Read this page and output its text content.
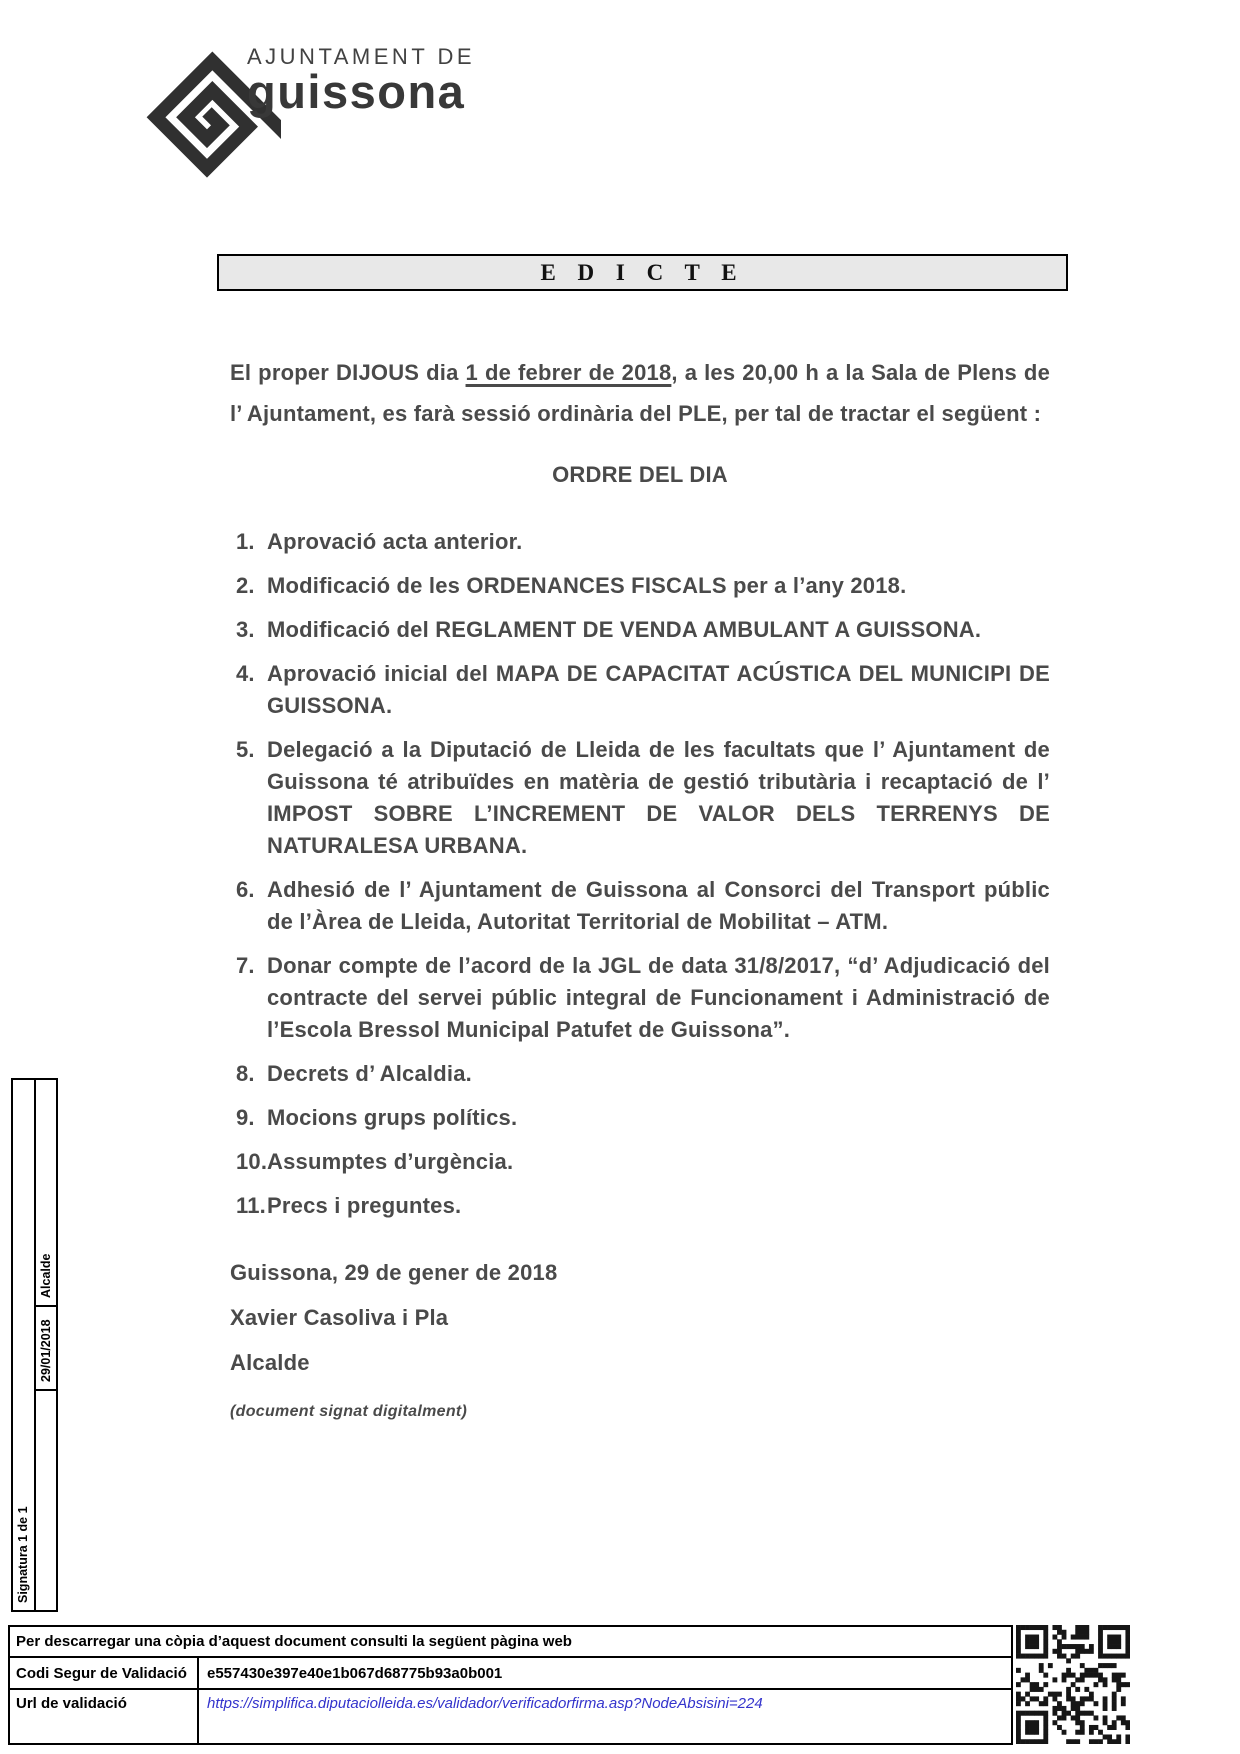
AJUNTAMENT DE
guissona
E D I C T E

El proper DIJOUS dia 1 de febrer de 2018, a les 20,00 h a la Sala de Plens de l’ Ajuntament, es farà sessió ordinària del PLE, per tal de tractar el següent :

ORDRE DEL DIA
1. Aprovació acta anterior.
2. Modificació de les ORDENANCES FISCALS per a l’any 2018.
3. Modificació del REGLAMENT DE VENDA AMBULANT A GUISSONA.
4. Aprovació inicial del MAPA DE CAPACITAT ACÚSTICA DEL MUNICIPI DE GUISSONA.
5. Delegació a la Diputació de Lleida de les facultats que l’ Ajuntament de Guissona té atribuïdes en matèria de gestió tributària i recaptació de l’ IMPOST SOBRE L’INCREMENT DE VALOR DELS TERRENYS DE NATURALESA URBANA.
6. Adhesió de l’ Ajuntament de Guissona al Consorci del Transport públic de l’Àrea de Lleida, Autoritat Territorial de Mobilitat – ATM.
7. Donar compte de l’acord de la JGL de data 31/8/2017, “d’ Adjudicació del contracte del servei públic integral de Funcionament i Administració de l’Escola Bressol Municipal Patufet de Guissona”.
8. Decrets d’ Alcaldia.
9. Mocions grups polítics.
10. Assumptes d’urgència.
11. Precs i preguntes.

Guissona, 29 de gener de 2018

Xavier Casoliva i Pla

Alcalde

(document signat digitalment)

Signatura 1 de 1
Alcalde
29/01/2018
Per descarregar una còpia d’aquest document consulti la següent pàgina web
Codi Segur de Validació	e557430e397e40e1b067d68775b93a0b001
Url de validació	https://simplifica.diputaciolleida.es/validador/verificadorfirma.asp?NodeAbsisini=224
